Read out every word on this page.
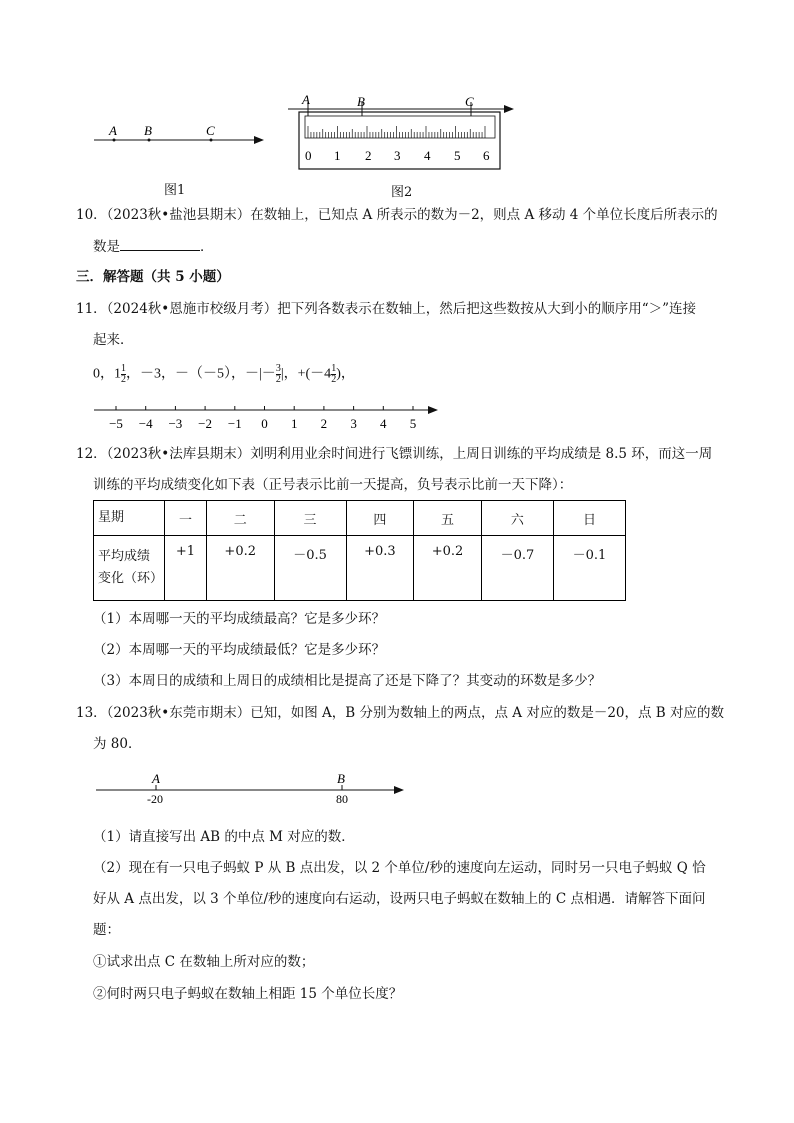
A B	C
图1
A	B	C
0 1 2 3 4 5 6
图2
10．（2023秋•盐池县期末）在数轴上，已知点 A 所表示的数为－2，则点 A 移动 4 个单位长度后所表示的
数是	．
三．解答题（共 5 小题）
11．（2024秋•恩施市校级月考）把下列各数表示在数轴上，然后把这些数按从大到小的顺序用“＞”连接
起来．
0，$1 \frac{1}{2}$ ，－3，－（－5），－|－ $\frac{3}{2}$ |，$+(-4 \frac{1}{2}$ )，
−5 −4 −3 −2 −1 0 1 2 3 4 5
12．（2023秋•法库县期末）刘明利用业余时间进行飞镖训练，上周日训练的平均成绩是 8.5 环，而这一周
训练的平均成绩变化如下表（正号表示比前一天提高，负号表示比前一天下降）：
星期	一	二	三	四	五	六	日

平均成绩
变化（环）	+1	+0.2	－0.5	+0.3	+0.2	－0.7	－0.1
（1）本周哪一天的平均成绩最高？它是多少环？
（2）本周哪一天的平均成绩最低？它是多少环？
（3）本周日的成绩和上周日的成绩相比是提高了还是下降了？其变动的环数是多少？
13．（2023秋•东莞市期末）已知，如图 A，B 分别为数轴上的两点，点 A 对应的数是－20，点 B 对应的数
为 80．
A	B
-20	80
（1）请直接写出 AB 的中点 M 对应的数．
（2）现在有一只电子蚂蚁 P 从 B 点出发，以 2 个单位/秒的速度向左运动，同时另一只电子蚂蚁 Q 恰
好从 A 点出发，以 3 个单位/秒的速度向右运动，设两只电子蚂蚁在数轴上的 C 点相遇．请解答下面问
题：
①试求出点 C 在数轴上所对应的数；
②何时两只电子蚂蚁在数轴上相距 15 个单位长度？
